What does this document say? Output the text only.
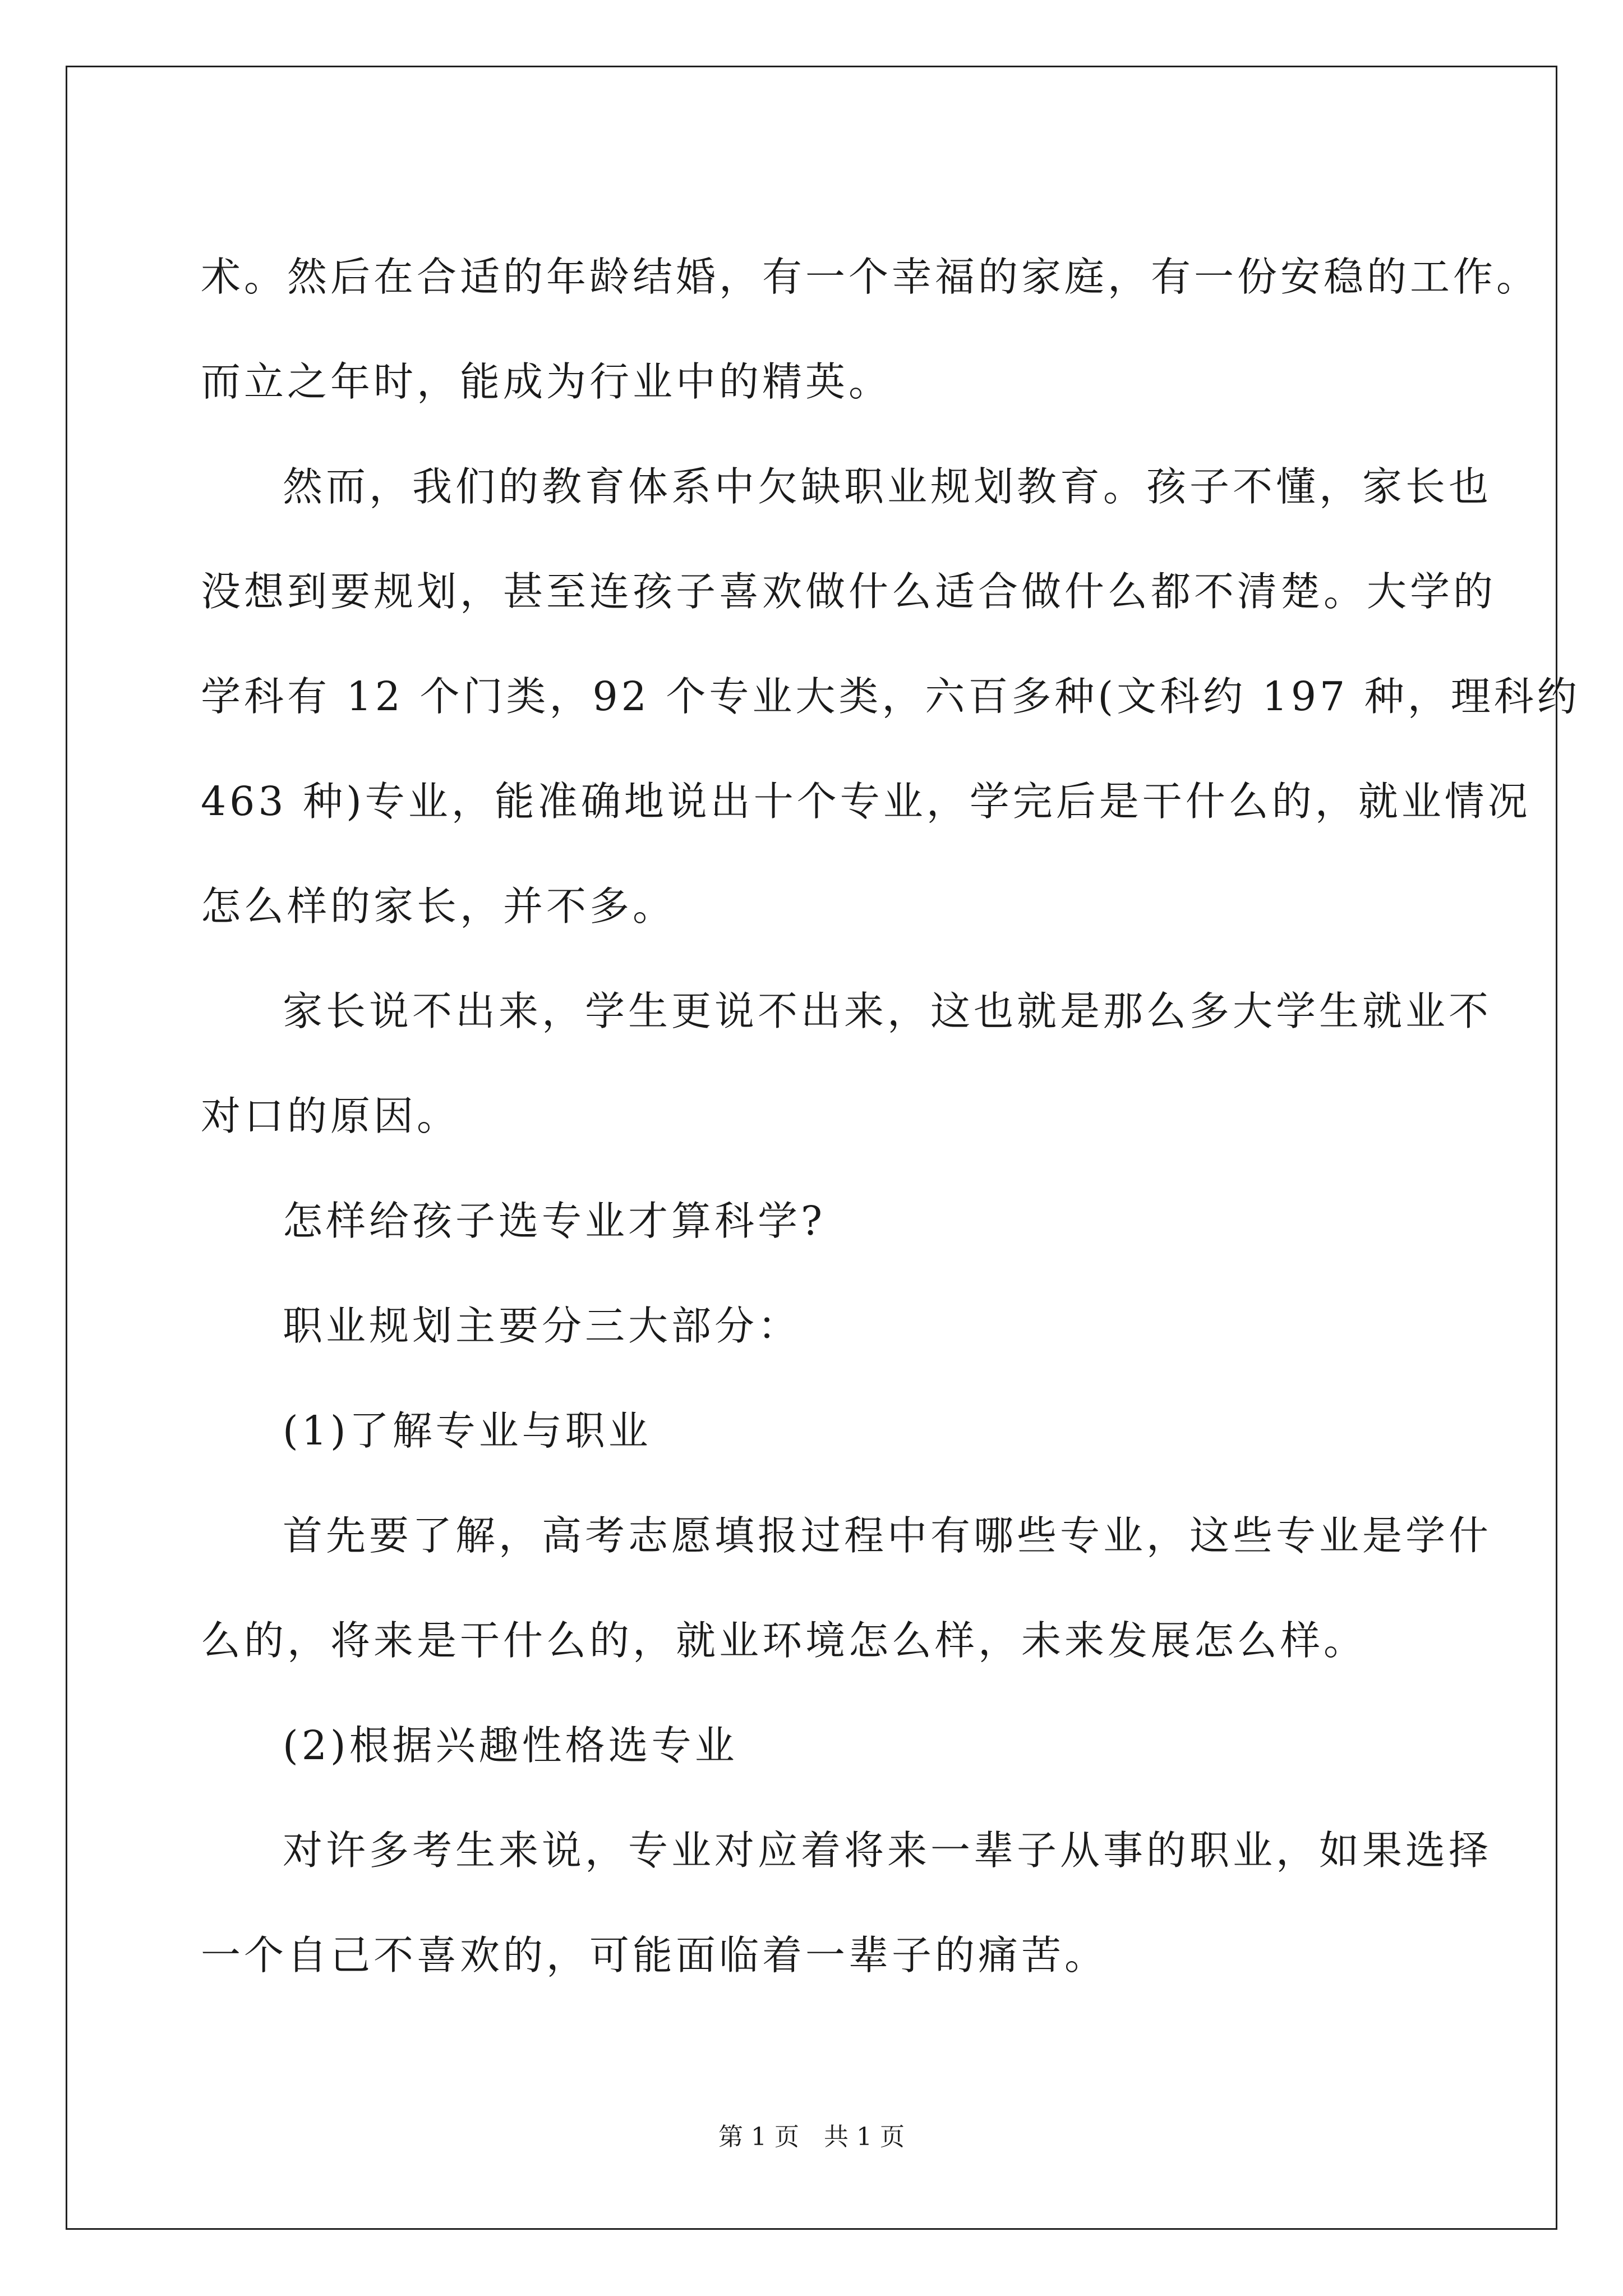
术。然后在合适的年龄结婚，有一个幸福的家庭，有一份安稳的工作。

而立之年时，能成为行业中的精英。

然而，我们的教育体系中欠缺职业规划教育。孩子不懂，家长也

没想到要规划，甚至连孩子喜欢做什么适合做什么都不清楚。大学的

学科有 12 个门类，92 个专业大类，六百多种(文科约 197 种，理科约

463 种)专业，能准确地说出十个专业，学完后是干什么的，就业情况

怎么样的家长，并不多。

家长说不出来，学生更说不出来，这也就是那么多大学生就业不

对口的原因。

怎样给孩子选专业才算科学?

职业规划主要分三大部分：

(1)了解专业与职业

首先要了解，高考志愿填报过程中有哪些专业，这些专业是学什

么的，将来是干什么的，就业环境怎么样，未来发展怎么样。

(2)根据兴趣性格选专业

对许多考生来说，专业对应着将来一辈子从事的职业，如果选择

一个自己不喜欢的，可能面临着一辈子的痛苦。

第 1 页　共 1 页
